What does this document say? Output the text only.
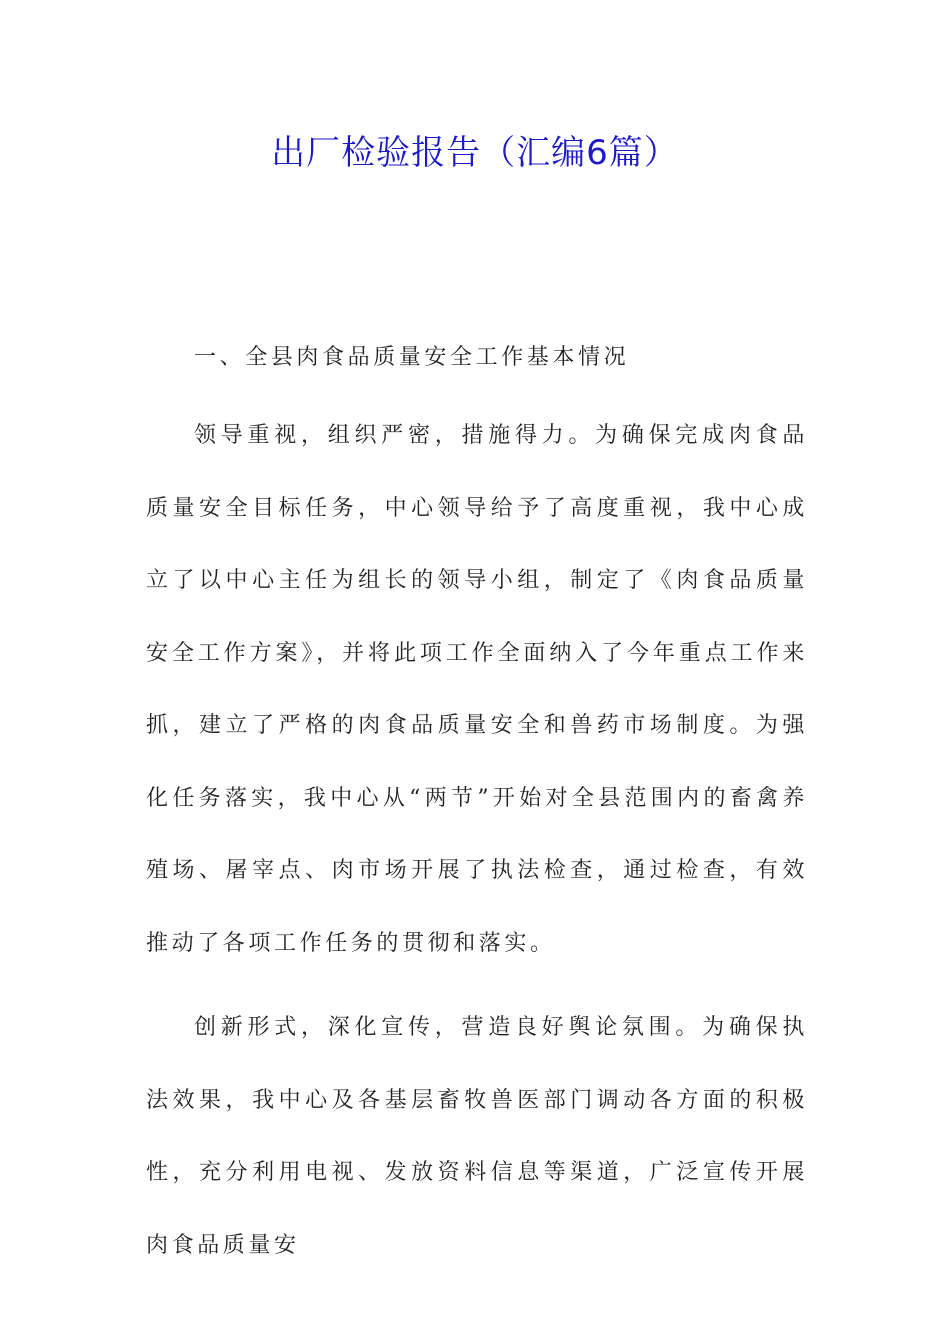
出厂检验报告（汇编6篇）
一、全县肉食品质量安全工作基本情况

领导重视，组织严密，措施得力。为确保完成肉食品质量安全目标任务，中心领导给予了高度重视，我中心成立了以中心主任为组长的领导小组，制定了《肉食品质量安全工作方案》，并将此项工作全面纳入了今年重点工作来抓，建立了严格的肉食品质量安全和兽药市场制度。为强化任务落实，我中心从“两节”开始对全县范围内的畜禽养殖场、屠宰点、肉市场开展了执法检查，通过检查，有效推动了各项工作任务的贯彻和落实。

创新形式，深化宣传，营造良好舆论氛围。为确保执法效果，我中心及各基层畜牧兽医部门调动各方面的积极性，充分利用电视、发放资料信息等渠道，广泛宣传开展肉食品质量安
